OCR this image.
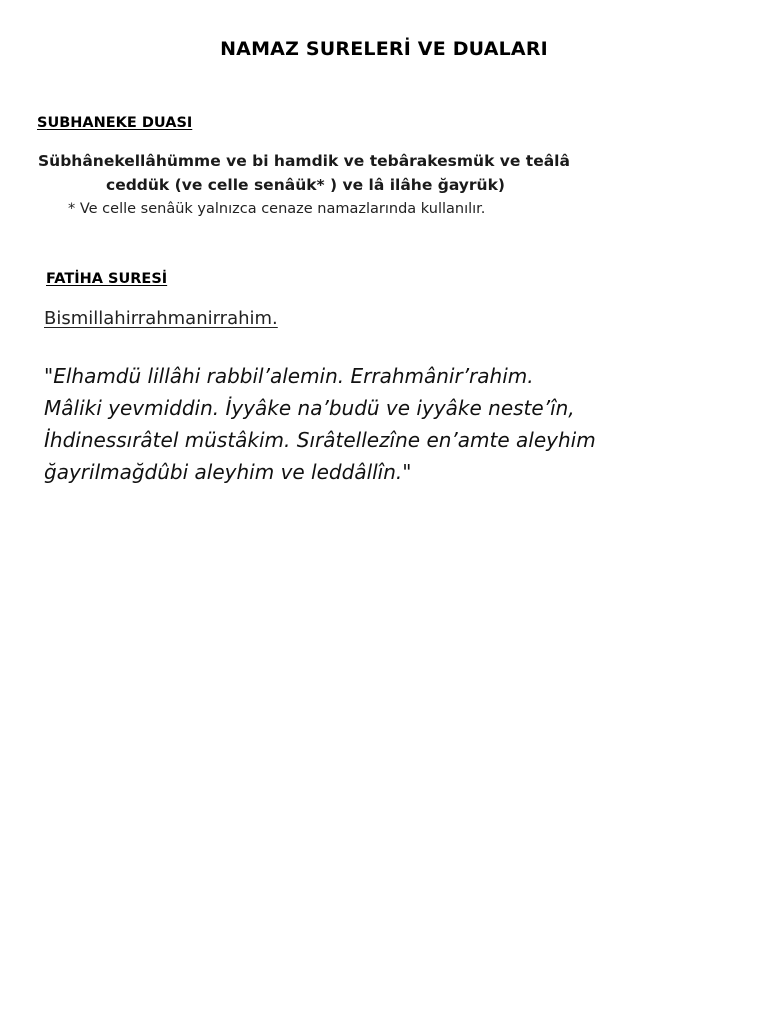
NAMAZ SURELERİ VE DUALARI
SUBHANEKE DUASI
Sübhânekellâhümme ve bi hamdik ve tebârakesmük ve teâlâ
ceddük (ve celle senâük* ) ve lâ ilâhe ğayrük)
* Ve celle senâük yalnızca cenaze namazlarında kullanılır.
FATİHA SURESİ
Bismillahirrahmanirrahim.
"Elhamdü lillâhi rabbil’alemin. Errahmânir’rahim.
Mâliki yevmiddin. İyyâke na’budü ve iyyâke neste’în,
İhdinessırâtel müstâkim. Sırâtellezîne en’amte aleyhim
ğayrilmağdûbi aleyhim ve leddâllîn."
